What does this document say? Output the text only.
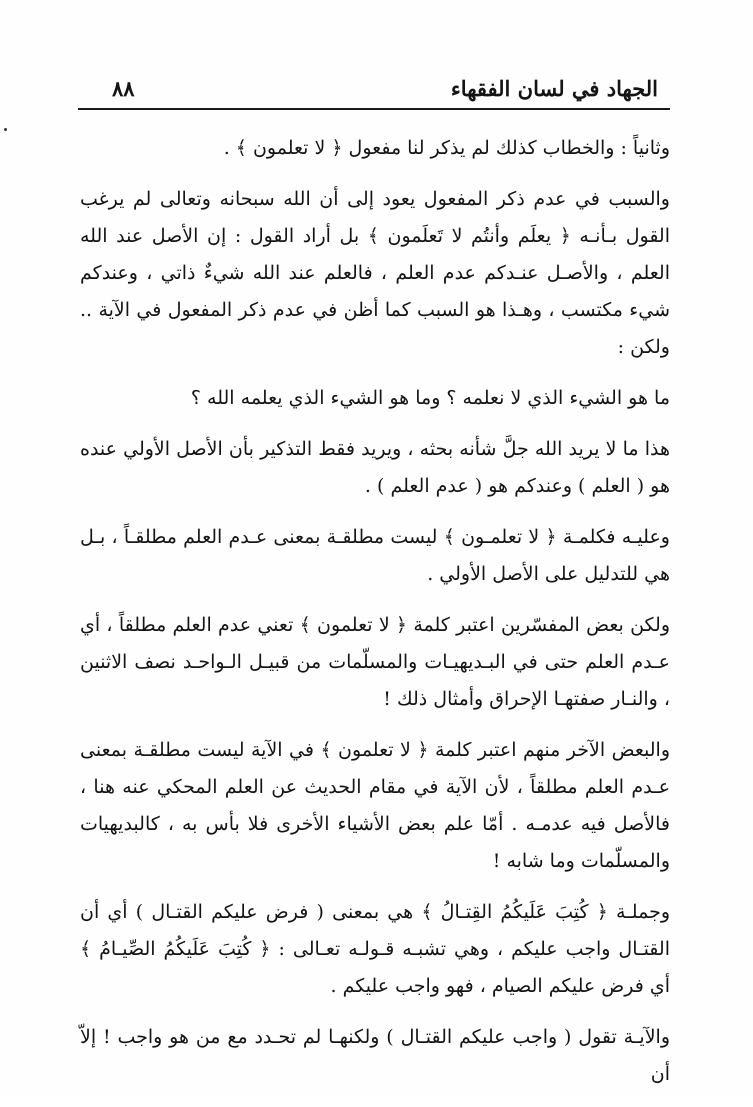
الجهاد في لسان الفقهاء
٨٨

وثانياً : والخطاب كذلك لم يذكر لنا مفعول ﴿ لا تعلمون ﴾ .

والسبب في عدم ذكر المفعول يعود إلى أن الله سبحانه وتعالى لم يرغب القول بـأنـه ﴿ يعلَم وأنتُم لا تَعلَمون ﴾ بل أراد القول : إن الأصل عند الله العلم ، والأصـل عنـدكم عدم العلم ، فالعلم عند الله شيءٌ ذاتي ، وعندكم شيء مكتسب ، وهـذا هو السبب كما أظن في عدم ذكر المفعول في الآية .. ولكن :

ما هو الشيء الذي لا نعلمه ؟ وما هو الشيء الذي يعلمه الله ؟

هذا ما لا يريد الله جلَّ شأنه بحثه ، ويريد فقط التذكير بأن الأصل الأولي عنده هو ( العلم ) وعندكم هو ( عدم العلم ) .

وعليـه فكلمـة ﴿ لا تعلمـون ﴾ ليست مطلقـة بمعنى عـدم العلم مطلقـاً ، بـل هي للتدليل على الأصل الأولي .

ولكن بعض المفسّرين اعتبر كلمة ﴿ لا تعلمون ﴾ تعني عدم العلم مطلقاً ، أي عـدم العلم حتى في البـديهيـات والمسلّمات من قبيـل الـواحـد نصف الاثنين ، والنـار صفتهـا الإحراق وأمثال ذلك !

والبعض الآخر منهم اعتبر كلمة ﴿ لا تعلمون ﴾ في الآية ليست مطلقـة بمعنى عـدم العلم مطلقاً ، لأن الآية في مقام الحديث عن العلم المحكي عنه هنا ، فالأصل فيه عدمـه . أمّا علم بعض الأشياء الأخرى فلا بأس به ، كالبديهيات والمسلّمات وما شابه !

وجملـة ﴿ كُتِبَ عَلَيكُمُ القِتـالُ ﴾ هي بمعنى ( فرض عليكم القتـال ) أي أن القتـال واجب عليكم ، وهي تشبـه قـولـه تعـالى : ﴿ كُتِبَ عَلَيكُمُ الصِّيـامُ ﴾ أي فرض عليكم الصيام ، فهو واجب عليكم .

والآيـة تقول ( واجب عليكم القتـال ) ولكنهـا لم تحـدد مع من هو واجب ! إلاّ أن
